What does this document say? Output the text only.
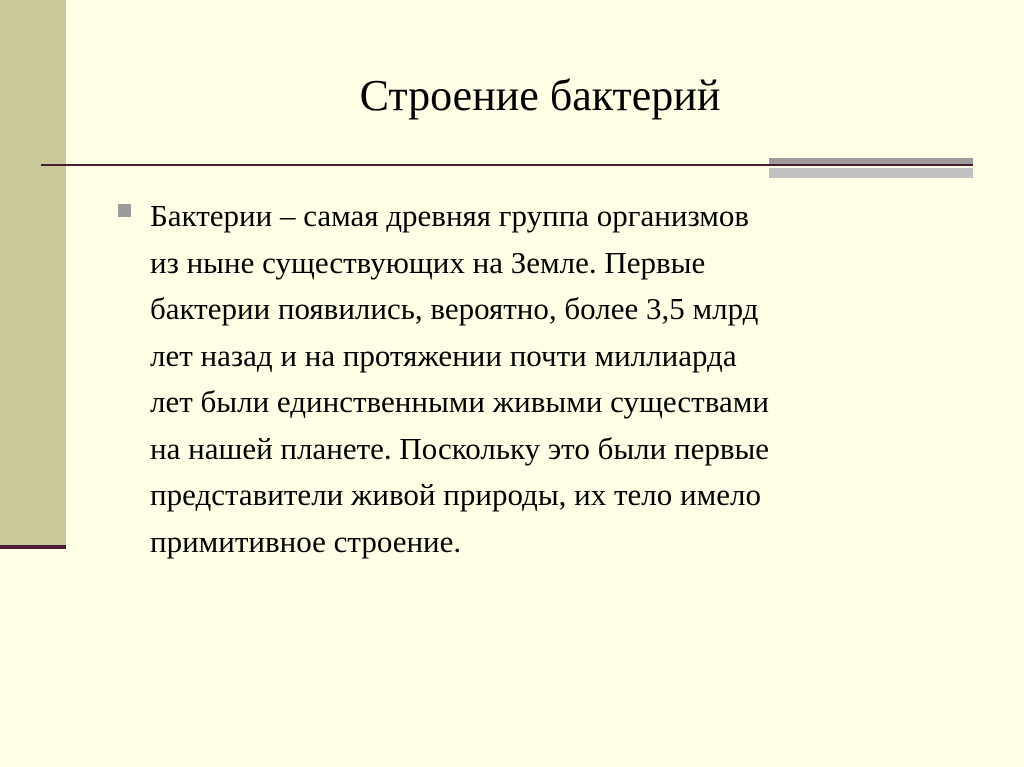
Строение бактерий

Бактерии – самая древняя группа организмов
из ныне существующих на Земле. Первые
бактерии появились, вероятно, более 3,5 млрд
лет назад и на протяжении почти миллиарда
лет были единственными живыми существами
на нашей планете. Поскольку это были первые
представители живой природы, их тело имело
примитивное строение.
